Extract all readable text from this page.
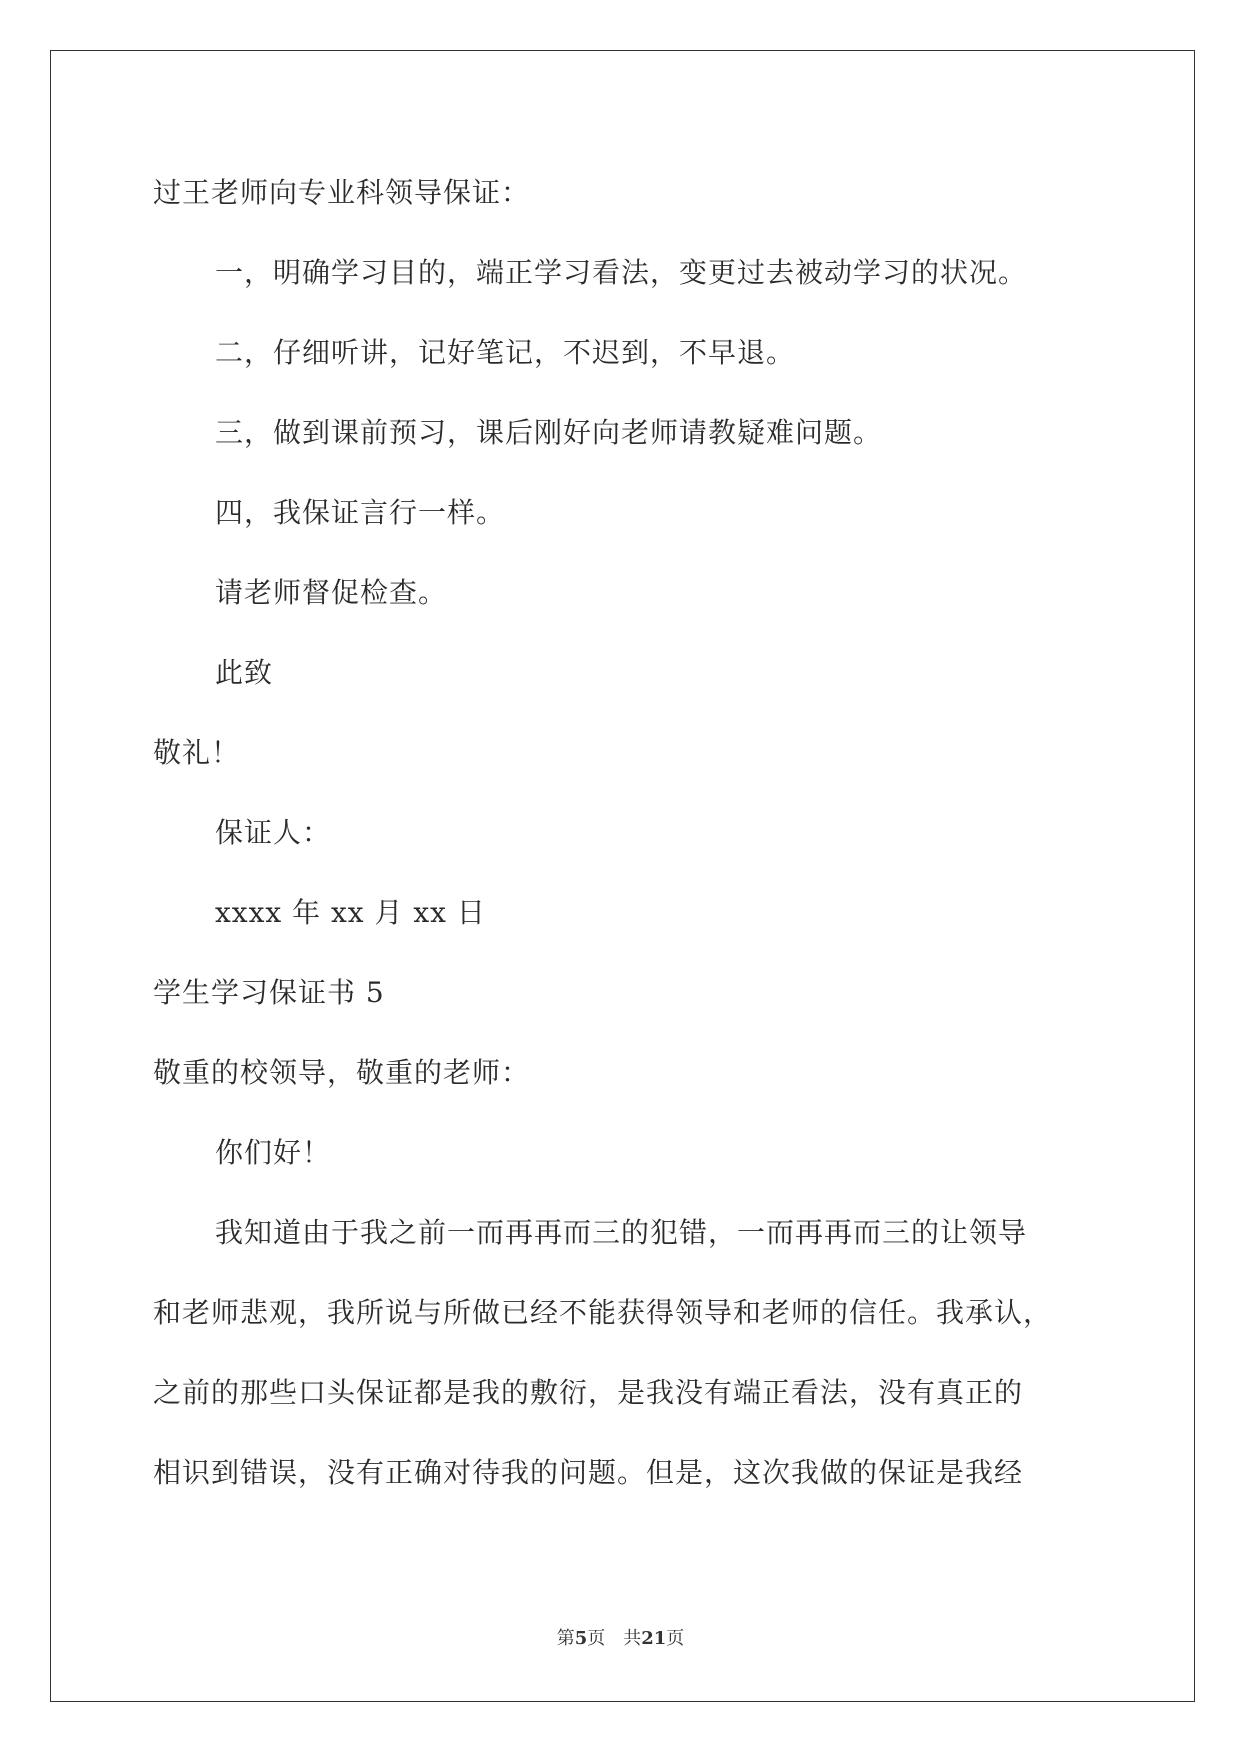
过王老师向专业科领导保证：
一，明确学习目的，端正学习看法，变更过去被动学习的状况。
二，仔细听讲，记好笔记，不迟到，不早退。
三，做到课前预习，课后刚好向老师请教疑难问题。
四，我保证言行一样。
请老师督促检查。
此致
敬礼！
保证人：
xxxx 年 xx 月 xx 日
学生学习保证书 5
敬重的校领导，敬重的老师：
你们好！
我知道由于我之前一而再再而三的犯错，一而再再而三的让领导
和老师悲观，我所说与所做已经不能获得领导和老师的信任。我承认，
之前的那些口头保证都是我的敷衍，是我没有端正看法，没有真正的
相识到错误，没有正确对待我的问题。但是，这次我做的保证是我经
第5页 共21页
